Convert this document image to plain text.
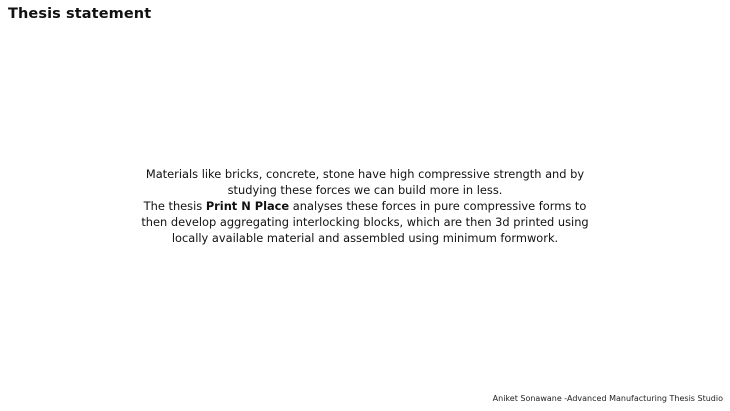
Thesis statement

Materials like bricks, concrete, stone have high compressive strength and by

studying these forces we can build more in less.

The thesis Print N Place analyses these forces in pure compressive forms to

then develop aggregating interlocking blocks, which are then 3d printed using

locally available material and assembled using minimum formwork.

Aniket Sonawane -Advanced Manufacturing Thesis Studio
